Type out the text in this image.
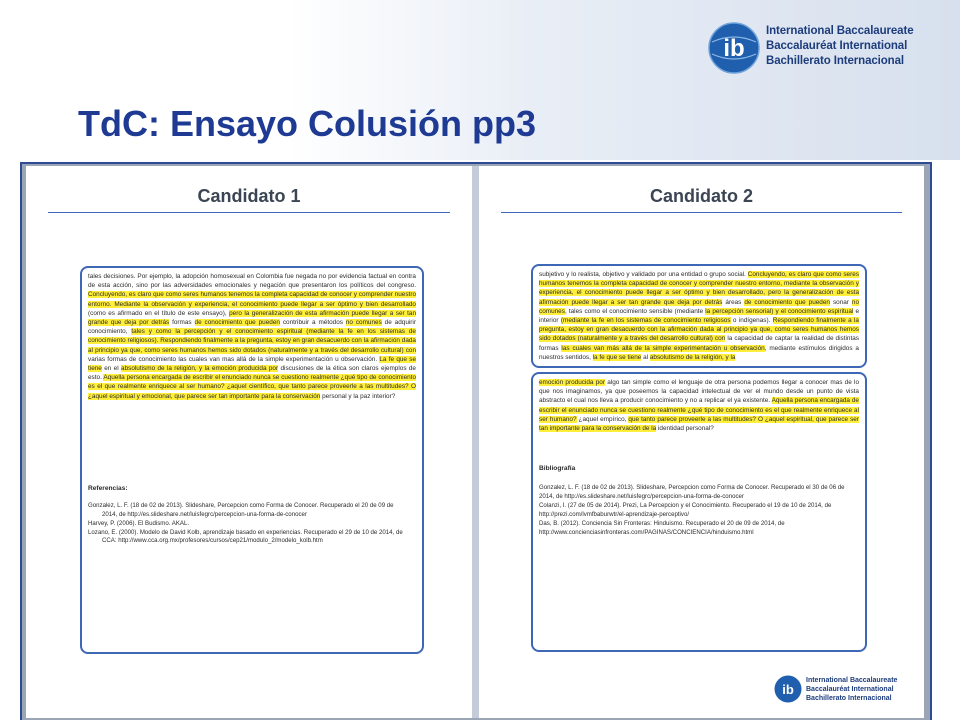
ib
International Baccalaureate
Baccalauréat International
Bachillerato Internacional
TdC: Ensayo Colusión pp3
Candidato 1
tales decisiones. Por ejemplo, la adopción homosexual en Colombia fue negada no por evidencia factual en contra de esta acción, sino por las adversidades emocionales y negación que presentaron los políticos del congreso. Concluyendo, es claro que como seres humanos tenemos la completa capacidad de conocer y comprender nuestro entorno. Mediante la observación y experiencia, el conocimiento puede llegar a ser óptimo y bien desarrollado (como es afirmado en el título de este ensayo), pero la generalización de esta afirmación puede llegar a ser tan grande que deja por detrás formas de conocimiento que pueden contribuir a métodos no comunes de adquirir conocimiento, tales y como la percepción y el conocimiento espiritual (mediante la fe en los sistemas de conocimiento religiosos). Respondiendo finalmente a la pregunta, estoy en gran desacuerdo con la afirmación dada al principio ya que, como seres humanos hemos sido dotados (naturalmente y a través del desarrollo cultural) con varias formas de conocimiento las cuales van mas allá de la simple experimentación u observación. La fe que se tiene en el absolutismo de la religión, y la emoción producida por discusiones de la ética son claros ejemplos de esto. Aquella persona encargada de escribir el enunciado nunca se cuestiono realmente ¿qué tipo de conocimiento es el que realmente enriquece al ser humano? ¿aquel científico, que tanto parece proveerle a las multitudes? O ¿aquel espiritual y emocional, que parece ser tan importante para la conservación personal y la paz interior?
Referencias:
Gonzalez, L. F. (18 de 02 de 2013). Slideshare, Percepcion como Forma de Conocer. Recuperado el 20 de 09 de
2014, de http://es.slideshare.net/luisfegrc/percepcion-una-forma-de-conocer
Harvey, P. (2006). El Budismo. AKAL.
Lozano, E. (2000). Modelo de David Kolb, aprendizaje basado en experiencias. Recuperado el 29 de 10 de 2014, de
CCA: http://www.cca.org.mx/profesores/cursos/cep21/modulo_2/modelo_kolb.htm
Candidato 2
subjetivo y lo realista, objetivo y validado por una entidad o grupo social. Concluyendo, es claro que como seres humanos tenemos la completa capacidad de conocer y comprender nuestro entorno, mediante la observación y experiencia, el conocimiento puede llegar a ser óptimo y bien desarrollado, pero la generalización de esta afirmación puede llegar a ser tan grande que deja por detrás áreas de conocimiento que pueden sonar no comunes, tales como el conocimiento sensible (mediante la percepción sensorial) y el conocimiento espiritual e interior (mediante la fe en los sistemas de conocimiento religiosos o indígenas). Respondiendo finalmente a la pregunta, estoy en gran desacuerdo con la afirmación dada al principio ya que, como seres humanos hemos sido dotados (naturalmente y a través del desarrollo cultural) con la capacidad de captar la realidad de distintas formas las cuales van más allá de la simple experimentación u observación, mediante estímulos dirigidos a nuestros sentidos, la fe que se tiene al absolutismo de la religión, y la
emoción producida por algo tan simple como el lenguaje de otra persona podemos llegar a conocer mas de lo que nos imaginamos, ya que poseemos la capacidad intelectual de ver el mundo desde un punto de vista abstracto el cual nos lleva a producir conocimiento y no a replicar el ya existente. Aquella persona encargada de escribir el enunciado nunca se cuestiono realmente ¿qué tipo de conocimiento es el que realmente enriquece al ser humano? ¿aquel empírico, que tanto parece proveerle a las multitudes? O ¿aquel espiritual, que parece ser tan importante para la conservación de la identidad personal?
Bibliografía
Gonzalez, L. F. (18 de 02 de 2013). Slideshare, Percepcion como Forma de Conocer. Recuperado el 30 de 06 de
2014, de http://es.slideshare.net/luisfegrc/percepcion-una-forma-de-conocer
Colanzi, I. (27 de 05 de 2014). Prezi, La Percepcion y el Conocimiento. Recuperado el 19 de 10 de 2014, de
http://prezi.com/lvmfbaburwtr/el-aprendizaje-perceptivo/
Das, B. (2012). Conciencia Sin Fronteras: Hinduismo. Recuperado el 20 de 09 de 2014, de
http://www.concienciasinfronteras.com/PAGINAS/CONCIENCIA/hinduismo.html
ib
International Baccalaureate
Baccalauréat International
Bachillerato Internacional
